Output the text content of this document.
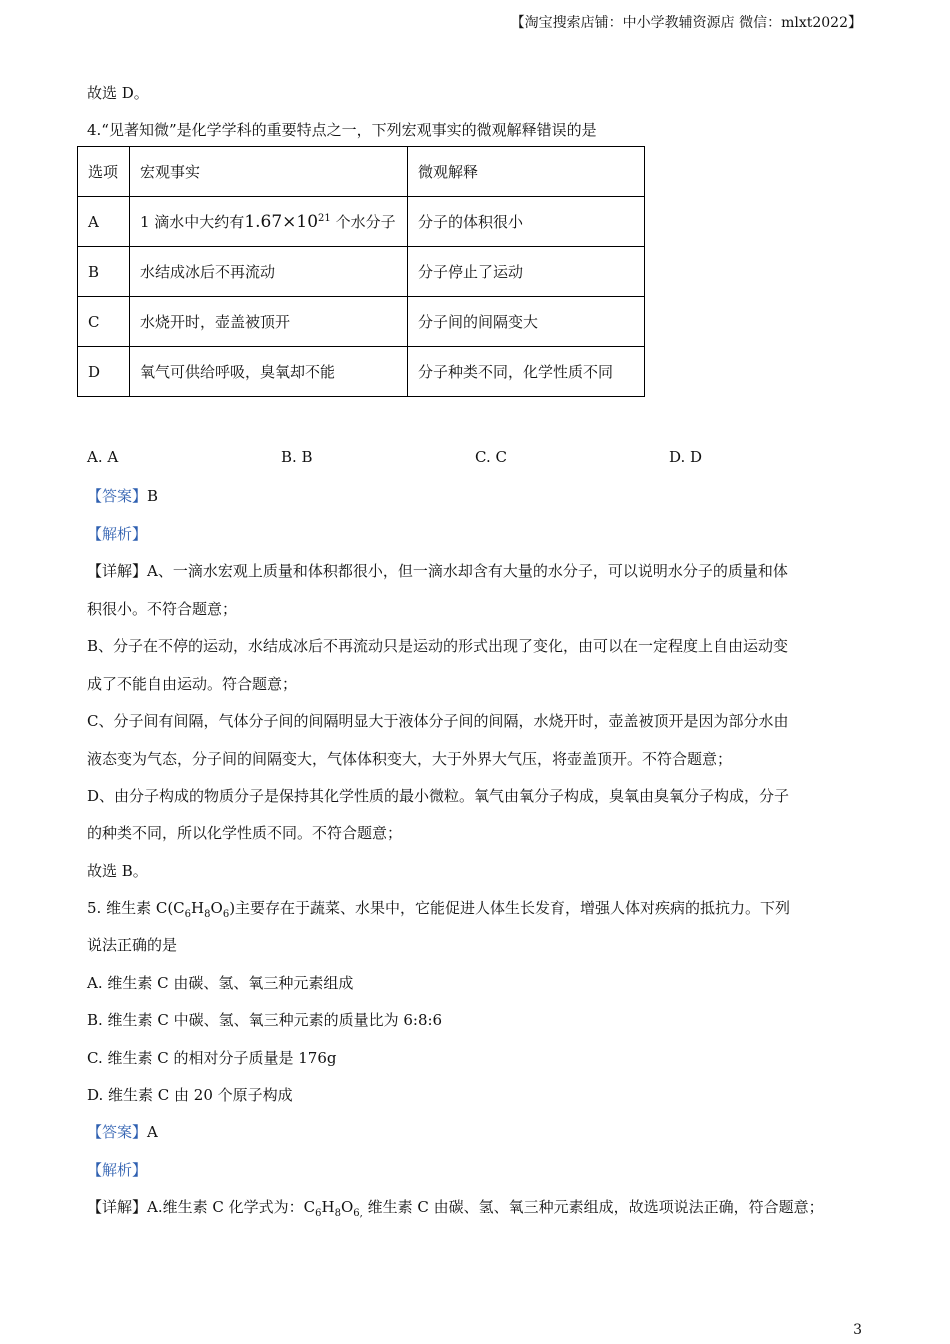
【淘宝搜索店铺：中小学教辅资源店 微信：mlxt2022】
故选 D。
4.“见著知微”是化学学科的重要特点之一，下列宏观事实的微观解释错误的是
选项	宏观事实	微观解释
A	1 滴水中大约有$1.67\times 10^{21}$ 个水分子	分子的体积很小
B	水结成冰后不再流动	分子停止了运动
C	水烧开时，壶盖被顶开	分子间的间隔变大
D	氧气可供给呼吸，臭氧却不能	分子种类不同，化学性质不同
A. A	B. B	C. C	D. D
【答案】B
【解析】
【详解】A、一滴水宏观上质量和体积都很小，但一滴水却含有大量的水分子，可以说明水分子的质量和体
积很小。不符合题意；
B、分子在不停的运动，水结成冰后不再流动只是运动的形式出现了变化，由可以在一定程度上自由运动变
成了不能自由运动。符合题意；
C、分子间有间隔，气体分子间的间隔明显大于液体分子间的间隔，水烧开时，壶盖被顶开是因为部分水由
液态变为气态，分子间的间隔变大，气体体积变大，大于外界大气压，将壶盖顶开。不符合题意；
D、由分子构成的物质分子是保持其化学性质的最小微粒。氧气由氧分子构成，臭氧由臭氧分子构成，分子
的种类不同，所以化学性质不同。不符合题意；
故选 B。
5. 维生素 $C(C_6H_8O_6)$主要存在于蔬菜、水果中，它能促进人体生长发育，增强人体对疾病的抵抗力。下列
说法正确的是
A. 维生素 C 由碳、氢、氧三种元素组成
B. 维生素 C 中碳、氢、氧三种元素的质量比为 6:8:6
C. 维生素 C 的相对分子质量是 176g
D. 维生素 C 由 20 个原子构成
【答案】A
【解析】
【详解】A.维生素 C 化学式为：$C_6H_8O_{6,}$ 维生素 C 由碳、氢、氧三种元素组成，故选项说法正确，符合题意；
3
